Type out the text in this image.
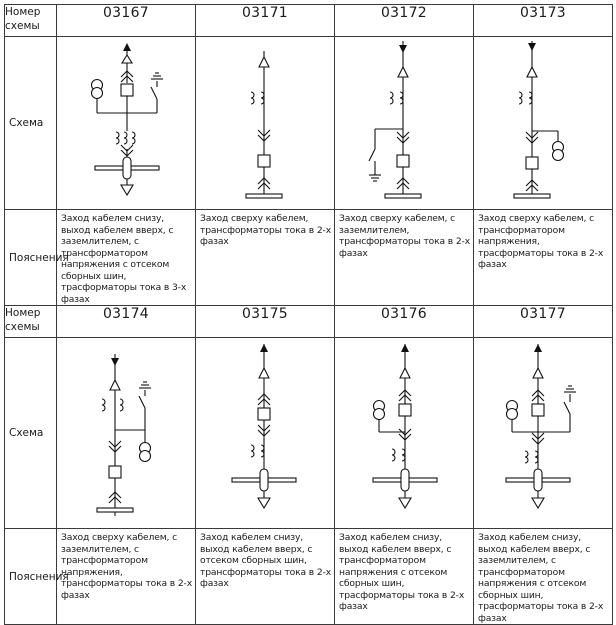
Номер схемы	03167	03171	03172	03173
Схема	

Пояснения	Заход кабелем снизу, выход кабелем вверх, с заземлителем, с трансформатором напряжения с отсеком сборных шин, трасформаторы тока в 3-х фазах	Заход сверху кабелем, трансформаторы тока в 2-х фазах	Заход сверху кабелем, с заземлителем, трансформаторы тока в 2-х фазах	Заход сверху кабелем, с трансформатором напряжения, трасформаторы тока в 2-х фазах
Номер схемы	03174	03175	03176	03177
Схема	

Пояснения	Заход сверху кабелем, с заземлителем, с трансформатором напряжения, трансформаторы тока в 2-х фазах	Заход кабелем снизу, выход кабелем вверх, с отсеком сборных шин, трансформаторы тока в 2-х фазах	Заход кабелем снизу, выход кабелем вверх, с трансформатором напряжения с отсеком сборных шин, трасформаторы тока в 2-х фазах	Заход кабелем снизу, выход кабелем вверх, с заземлителем, с трансформатором напряжения с отсеком сборных шин, трасформаторы тока в 2-х фазах
